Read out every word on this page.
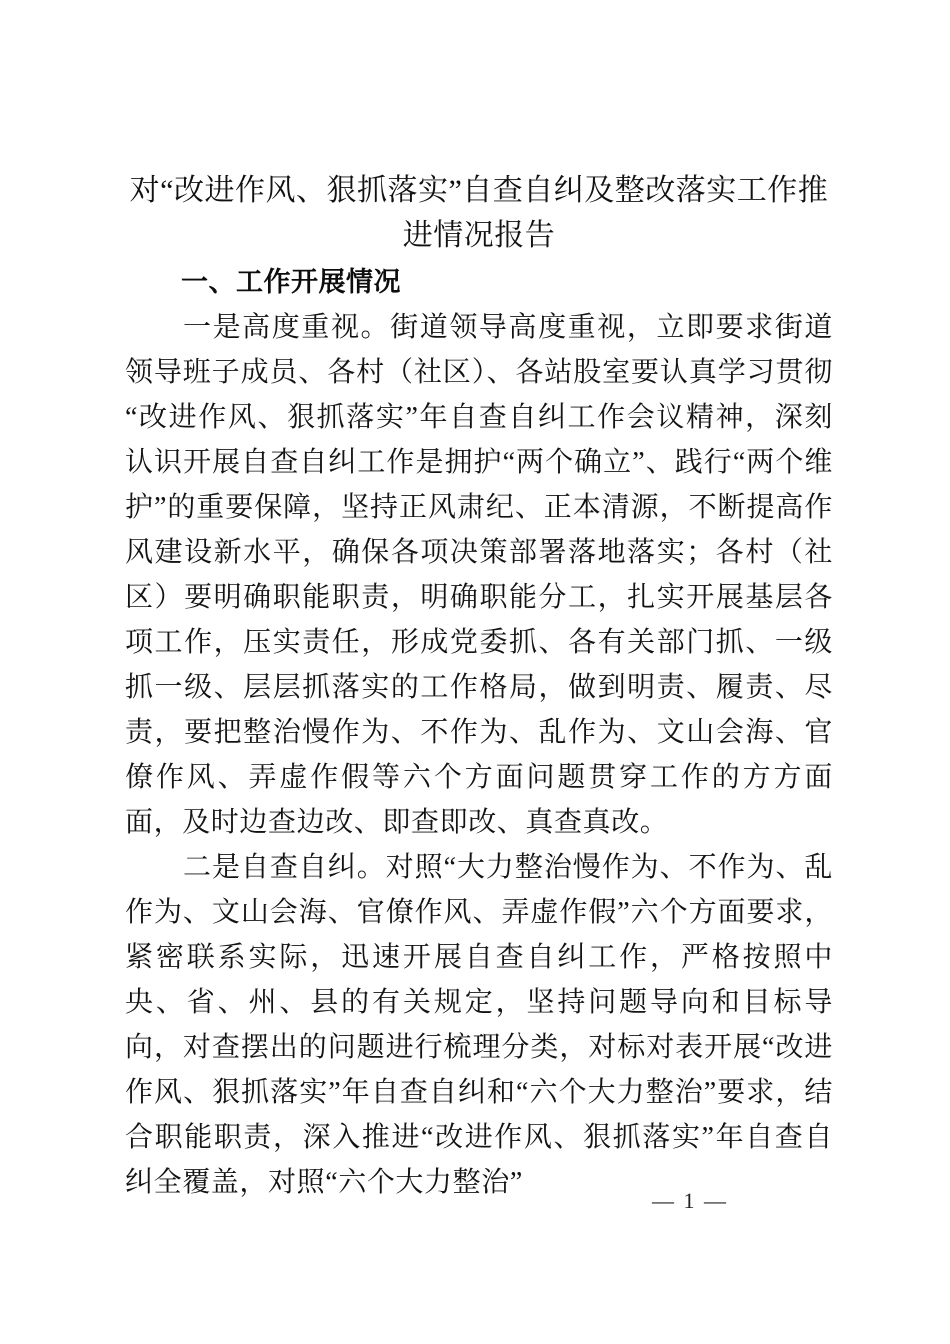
对“改进作风、狠抓落实”自查自纠及整改落实工作推进情况报告
一、工作开展情况

一是高度重视。街道领导高度重视，立即要求街道领导班子成员、各村（社区）、各站股室要认真学习贯彻“改进作风、狠抓落实”年自查自纠工作会议精神，深刻认识开展自查自纠工作是拥护“两个确立”、践行“两个维护”的重要保障，坚持正风肃纪、正本清源，不断提高作风建设新水平，确保各项决策部署落地落实；各村（社区）要明确职能职责，明确职能分工，扎实开展基层各项工作，压实责任，形成党委抓、各有关部门抓、一级抓一级、层层抓落实的工作格局，做到明责、履责、尽责，要把整治慢作为、不作为、乱作为、文山会海、官僚作风、弄虚作假等六个方面问题贯穿工作的方方面面，及时边查边改、即查即改、真查真改。

二是自查自纠。对照“大力整治慢作为、不作为、乱作为、文山会海、官僚作风、弄虚作假”六个方面要求，紧密联系实际，迅速开展自查自纠工作，严格按照中央、省、州、县的有关规定，坚持问题导向和目标导向，对查摆出的问题进行梳理分类，对标对表开展“改进作风、狠抓落实”年自查自纠和“六个大力整治”要求，结合职能职责，深入推进“改进作风、狠抓落实”年自查自纠全覆盖，对照“六个大力整治”

— 1 —
